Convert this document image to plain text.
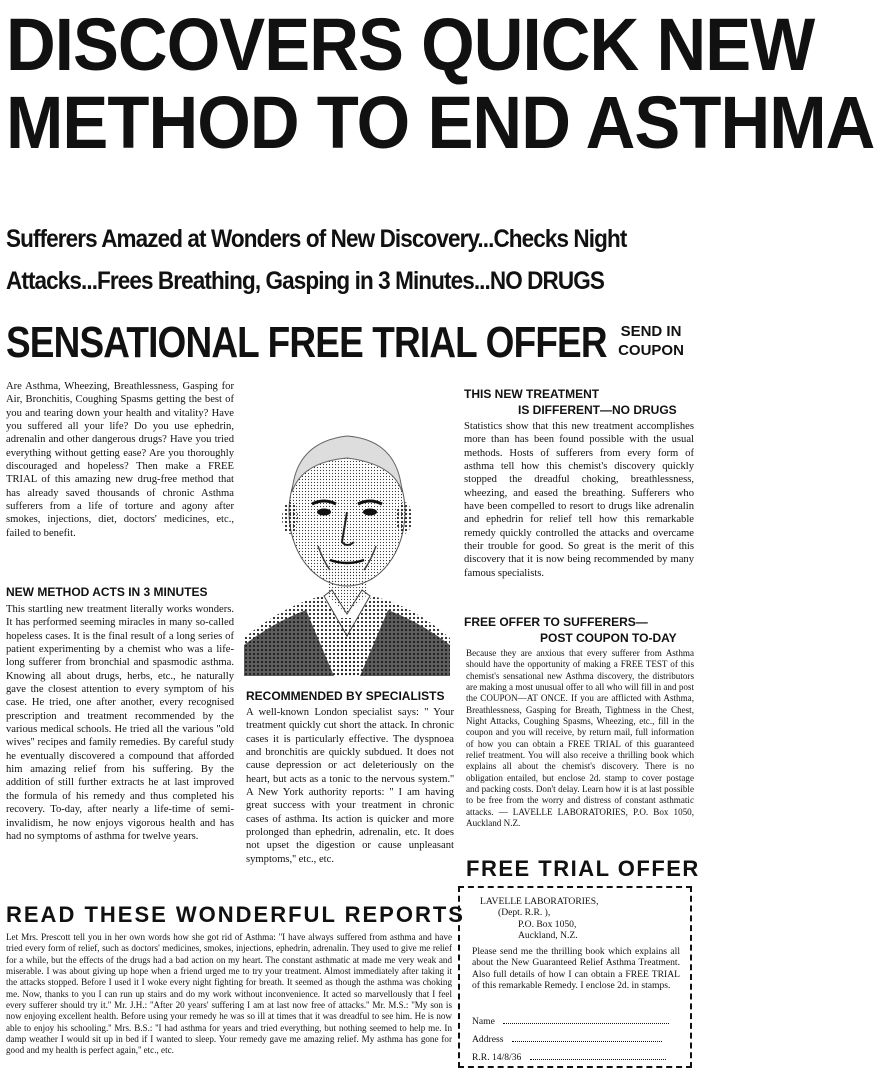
DISCOVERS QUICK NEW
METHOD TO END ASTHMA
Sufferers Amazed at Wonders of New Discovery...Checks Night
Attacks...Frees Breathing, Gasping in 3 Minutes...NO DRUGS
SENSATIONAL FREE TRIAL OFFER SEND IN
COUPON
Are Asthma, Wheezing, Breathlessness, Gasping for Air, Bronchitis, Coughing Spasms getting the best of you and tearing down your health and vitality? Have you suffered all your life? Do you use ephedrin, adrenalin and other dangerous drugs? Have you tried everything without getting ease? Are you thoroughly discouraged and hopeless? Then make a FREE TRIAL of this amazing new drug-free method that has already saved thousands of chronic Asthma sufferers from a life of torture and agony after smokes, injections, diet, doctors' medicines, etc., failed to benefit.
NEW METHOD ACTS IN 3 MINUTES
This startling new treatment literally works wonders. It has performed seeming miracles in many so-called hopeless cases. It is the final result of a long series of patient experimenting by a chemist who was a life-long sufferer from bronchial and spasmodic asthma. Knowing all about drugs, herbs, etc., he naturally gave the closest attention to every symptom of his case. He tried, one after another, every recognised prescription and treatment recommended by the various medical schools. He tried all the various ''old wives'' recipes and family remedies. By careful study he eventually discovered a compound that afforded him amazing relief from his suffering. By the addition of still further extracts he at last improved the formula of his remedy and thus completed his recovery. To-day, after nearly a life-time of semi-invalidism, he now enjoys vigorous health and has had no symptoms of asthma for twelve years.
RECOMMENDED BY SPECIALISTS
A well-known London specialist says: '' Your treatment quickly cut short the attack. In chronic cases it is particularly effective. The dyspnoea and bronchitis are quickly subdued. It does not cause depression or act deleteriously on the heart, but acts as a tonic to the nervous system.'' A New York authority reports: '' I am having great success with your treatment in chronic cases of asthma. Its action is quicker and more prolonged than ephedrin, adrenalin, etc. It does not upset the digestion or cause unpleasant symptoms,'' etc., etc.
THIS NEW TREATMENT
IS DIFFERENT—NO DRUGS
Statistics show that this new treatment accomplishes more than has been found possible with the usual methods. Hosts of sufferers from every form of asthma tell how this chemist's discovery quickly stopped the dreadful choking, breathlessness, wheezing, and eased the breathing. Sufferers who have been compelled to resort to drugs like adrenalin and ephedrin for relief tell how this remarkable remedy quickly controlled the attacks and overcame their trouble for good. So great is the merit of this discovery that it is now being recommended by many famous specialists.
FREE OFFER TO SUFFERERS—
POST COUPON TO-DAY
Because they are anxious that every sufferer from Asthma should have the opportunity of making a FREE TEST of this chemist's sensational new Asthma discovery, the distributors are making a most unusual offer to all who will fill in and post the COUPON—AT ONCE. If you are afflicted with Asthma, Breathlessness, Gasping for Breath, Tightness in the Chest, Night Attacks, Coughing Spasms, Wheezing, etc., fill in the coupon and you will receive, by return mail, full information of how you can obtain a FREE TRIAL of this guaranteed relief treatment. You will also receive a thrilling book which explains all about the chemist's discovery. There is no obligation entailed, but enclose 2d. stamp to cover postage and packing costs. Don't delay. Learn how it is at last possible to be free from the worry and distress of constant asthmatic attacks. — LAVELLE LABORATORIES, P.O. Box 1050, Auckland N.Z.
READ THESE WONDERFUL REPORTS
Let Mrs. Prescott tell you in her own words how she got rid of Asthma: ''I have always suffered from asthma and have tried every form of relief, such as doctors' medicines, smokes, injections, ephedrin, adrenalin. They used to give me relief for a while, but the effects of the drugs had a bad action on my heart. The constant asthmatic at made me very weak and miserable. I was about giving up hope when a friend urged me to try your treatment. Almost immediately after taking it the attacks stopped. Before I used it I woke every night fighting for breath. It seemed as though the asthma was choking me. Now, thanks to you I can run up stairs and do my work without inconvenience. It acted so marvellously that I feel every sufferer should try it.'' Mr. J.H.: ''After 20 years' suffering I am at last now free of attacks.'' Mr. M.S.: ''My son is now enjoying excellent health. Before using your remedy he was so ill at times that it was dreadful to see him. He is now able to enjoy his schooling.'' Mrs. B.S.: ''I had asthma for years and tried everything, but nothing seemed to help me. In damp weather I would sit up in bed if I wanted to sleep. Your remedy gave me amazing relief. My asthma has gone for good and my health is perfect again,'' etc., etc.
FREE TRIAL OFFER
LAVELLE LABORATORIES,
(Dept. R.R. ),
P.O. Box 1050,
Auckland, N.Z.
Please send me the thrilling book which explains all about the New Guaranteed Relief Asthma Treatment. Also full details of how I can obtain a FREE TRIAL of this remarkable Remedy. I enclose 2d. in stamps.
Name
Address
R.R. 14/8/36
